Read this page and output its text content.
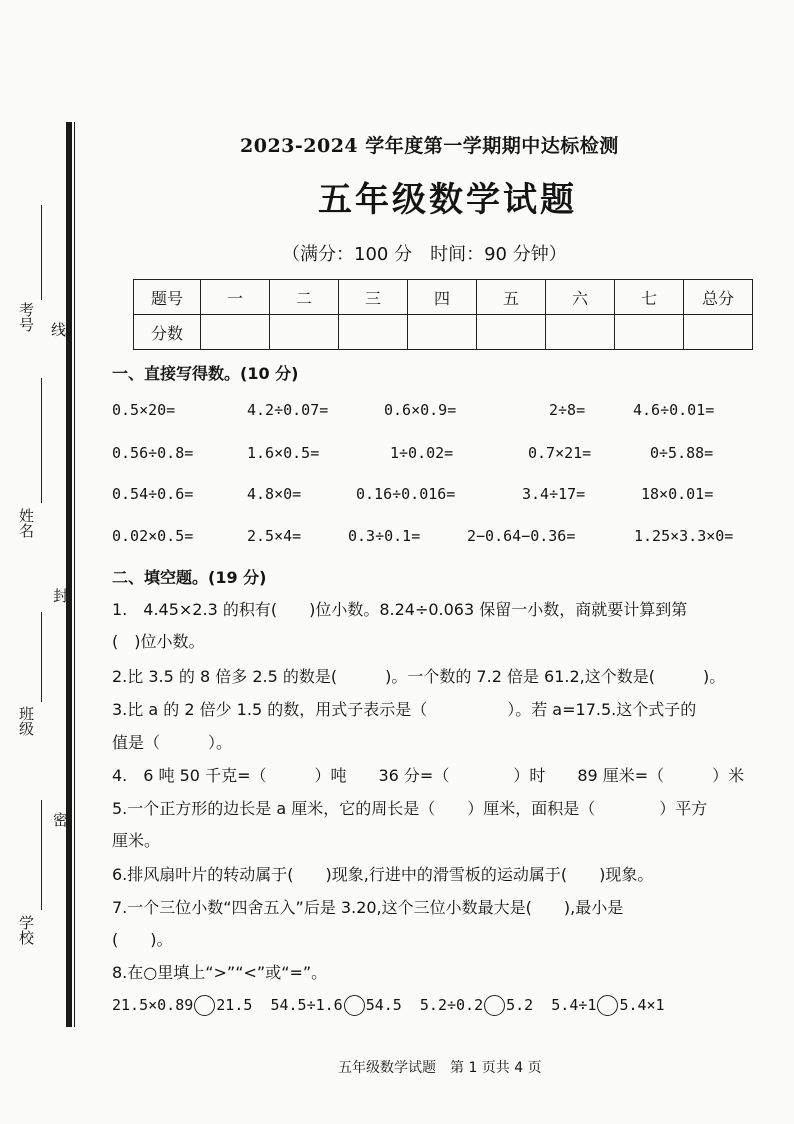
考号 线
姓名
封
班级
密
学校
2023-2024 学年度第一学期期中达标检测
五年级数学试题
（满分：100 分　时间：90 分钟）
题号	一	二	三	四	五	六	七	总分
分数								
一、直接写得数。(10 分)
0.5×20=	4.2÷0.07=	0.6×0.9=	2÷8=	4.6÷0.01=
0.56÷0.8=	1.6×0.5=	1÷0.02=	0.7×21=	0÷5.88=
0.54÷0.6=	4.8×0=	0.16÷0.016=	3.4÷17=	18×0.01=
0.02×0.5=	2.5×4=	0.3÷0.1=	2−0.64−0.36=	1.25×3.3×0=
二、填空题。(19 分)
1.　4.45×2.3 的积有(　　)位小数。8.24÷0.063 保留一小数，商就要计算到第
(　)位小数。
2.比 3.5 的 8 倍多 2.5 的数是(　　　)。一个数的 7.2 倍是 61.2,这个数是(　　　)。
3.比 a 的 2 倍少 1.5 的数，用式子表示是（　　　　　）。若 a=17.5.这个式子的
值是（　　　）。
4.　6 吨 50 千克=（　　　）吨　　36 分=（　　　　）时　　89 厘米=（　　　）米
5.一个正方形的边长是 a 厘米，它的周长是（　　）厘米，面积是（　　　　）平方
厘米。
6.排风扇叶片的转动属于(　　)现象,行进中的滑雪板的运动属于(　　)现象。
7.一个三位小数“四舍五入”后是 3.20,这个三位小数最大是(　　),最小是
(　　)。
8.在○里填上“>”“<”或“=”。
21.5×0.89 21.5 54.5÷1.6 54.5 5.2÷0.2 5.2 5.4÷1 5.4×1
五年级数学试题　第 1 页共 4 页
